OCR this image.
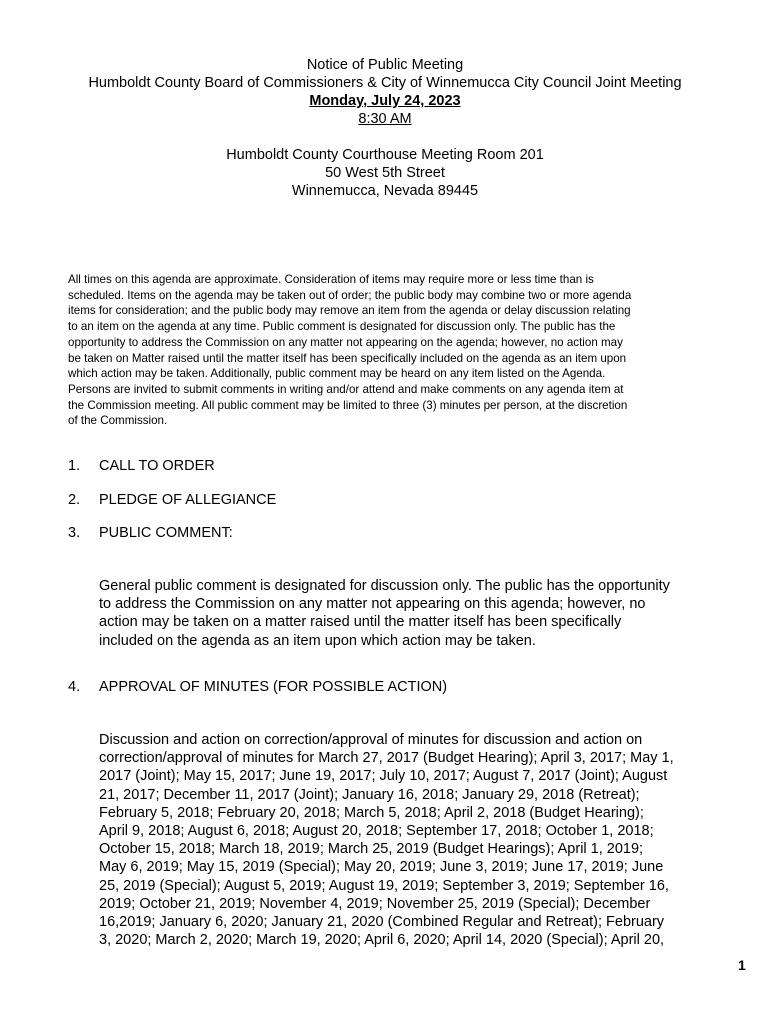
Notice of Public Meeting
Humboldt County Board of Commissioners & City of Winnemucca City Council Joint Meeting
Monday, July 24, 2023
8:30 AM
Humboldt County Courthouse Meeting Room 201
50 West 5th Street
Winnemucca, Nevada 89445
All times on this agenda are approximate. Consideration of items may require more or less time than is
scheduled. Items on the agenda may be taken out of order; the public body may combine two or more agenda
items for consideration; and the public body may remove an item from the agenda or delay discussion relating
to an item on the agenda at any time. Public comment is designated for discussion only. The public has the
opportunity to address the Commission on any matter not appearing on the agenda; however, no action may
be taken on Matter raised until the matter itself has been specifically included on the agenda as an item upon
which action may be taken. Additionally, public comment may be heard on any item listed on the Agenda.
Persons are invited to submit comments in writing and/or attend and make comments on any agenda item at
the Commission meeting. All public comment may be limited to three (3) minutes per person, at the discretion
of the Commission.
1. CALL TO ORDER
2. PLEDGE OF ALLEGIANCE
3. PUBLIC COMMENT:
General public comment is designated for discussion only. The public has the opportunity
to address the Commission on any matter not appearing on this agenda; however, no
action may be taken on a matter raised until the matter itself has been specifically
included on the agenda as an item upon which action may be taken.
4. APPROVAL OF MINUTES (FOR POSSIBLE ACTION)
Discussion and action on correction/approval of minutes for discussion and action on
correction/approval of minutes for March 27, 2017 (Budget Hearing); April 3, 2017; May 1,
2017 (Joint); May 15, 2017; June 19, 2017; July 10, 2017; August 7, 2017 (Joint); August
21, 2017; December 11, 2017 (Joint); January 16, 2018; January 29, 2018 (Retreat);
February 5, 2018; February 20, 2018; March 5, 2018; April 2, 2018 (Budget Hearing);
April 9, 2018; August 6, 2018; August 20, 2018; September 17, 2018; October 1, 2018;
October 15, 2018; March 18, 2019; March 25, 2019 (Budget Hearings); April 1, 2019;
May 6, 2019; May 15, 2019 (Special); May 20, 2019; June 3, 2019; June 17, 2019; June
25, 2019 (Special); August 5, 2019; August 19, 2019; September 3, 2019; September 16,
2019; October 21, 2019; November 4, 2019; November 25, 2019 (Special); December
16,2019; January 6, 2020; January 21, 2020 (Combined Regular and Retreat); February
3, 2020; March 2, 2020; March 19, 2020; April 6, 2020; April 14, 2020 (Special); April 20,
1
